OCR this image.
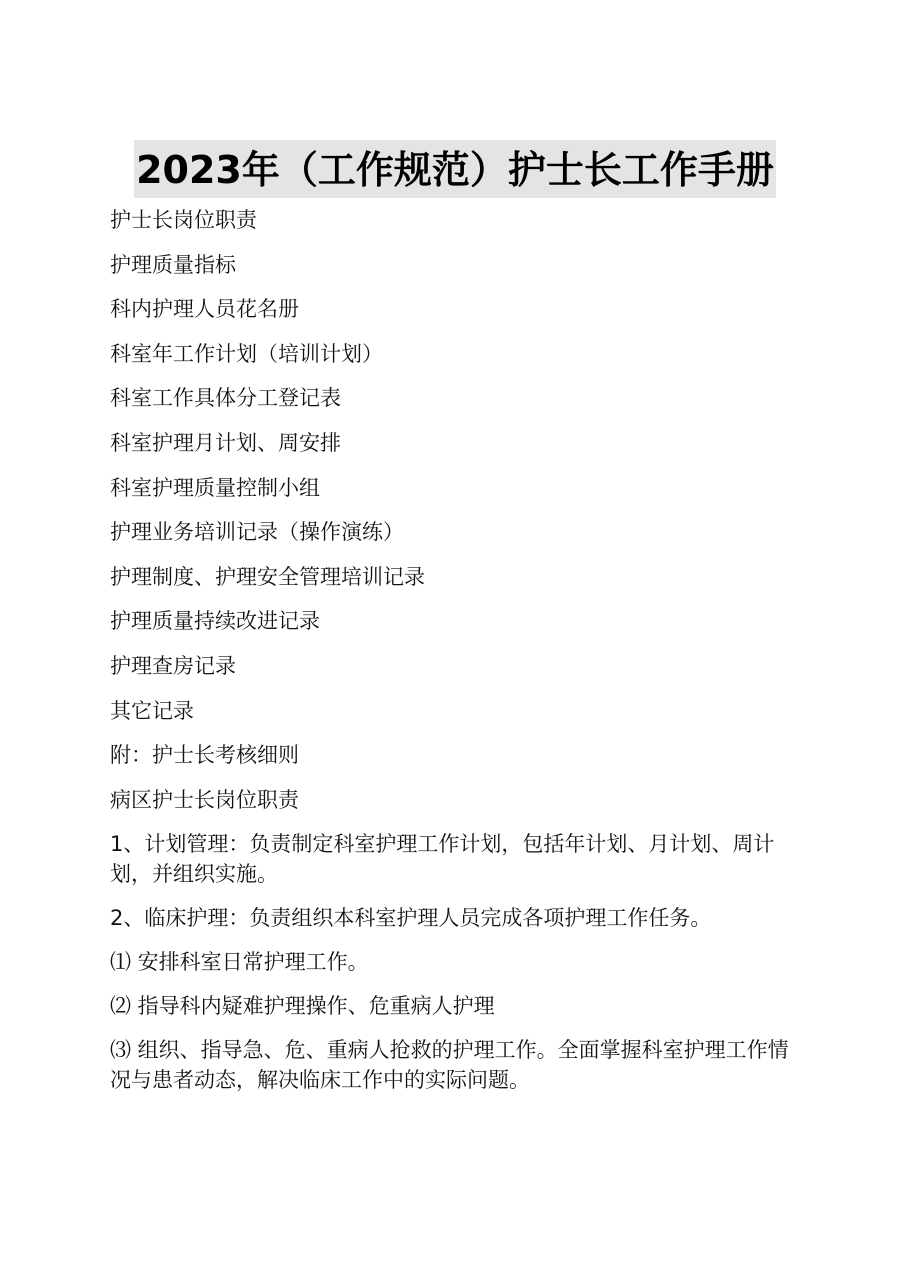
2023年（工作规范）护士长工作手册
护士长岗位职责
护理质量指标
科内护理人员花名册
科室年工作计划（培训计划）
科室工作具体分工登记表
科室护理月计划、周安排
科室护理质量控制小组
护理业务培训记录（操作演练）
护理制度、护理安全管理培训记录
护理质量持续改进记录
护理查房记录
其它记录
附：护士长考核细则
病区护士长岗位职责

1、计划管理：负责制定科室护理工作计划，包括年计划、月计划、周计划，并组织实施。

2、临床护理：负责组织本科室护理人员完成各项护理工作任务。

⑴ 安排科室日常护理工作。

⑵ 指导科内疑难护理操作、危重病人护理

⑶ 组织、指导急、危、重病人抢救的护理工作。全面掌握科室护理工作情况与患者动态，解决临床工作中的实际问题。
